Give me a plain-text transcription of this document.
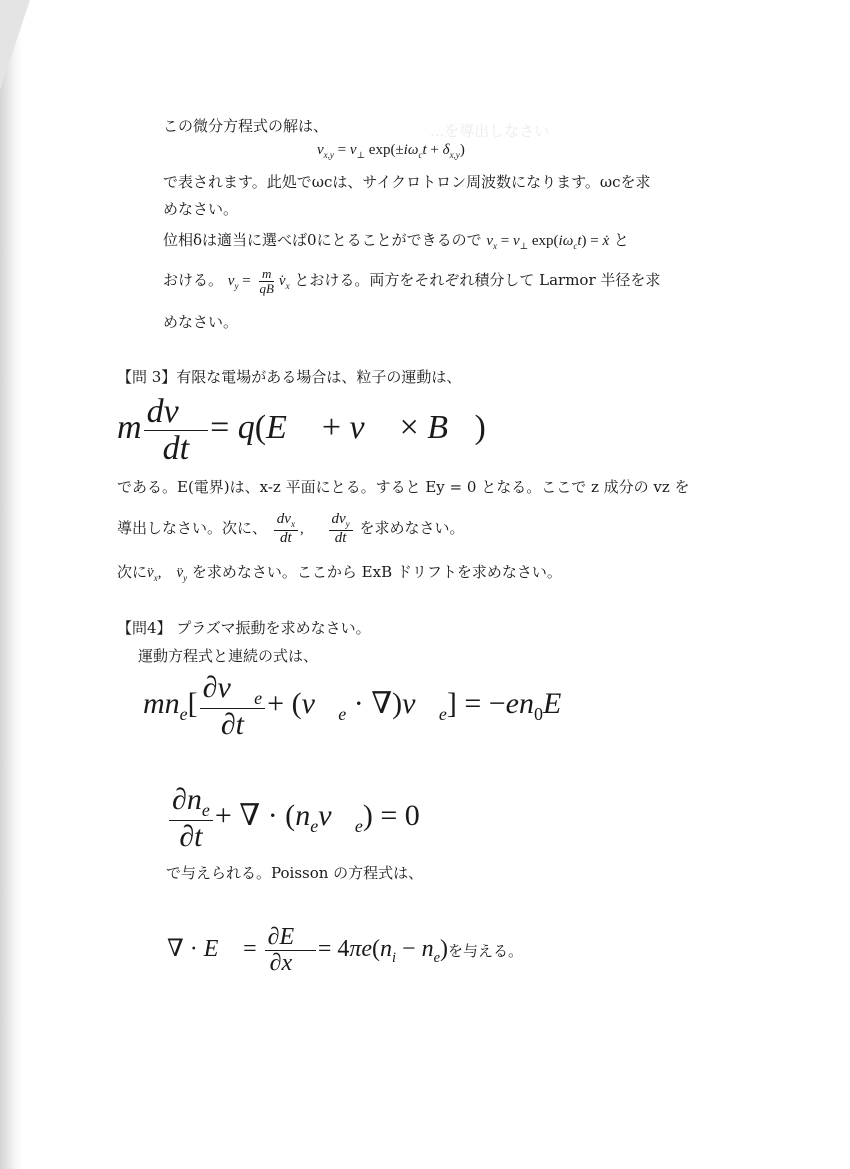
...を導出しなさい
この微分方程式の解は、
$v_{x,y} = v_\perp$ $\exp(\pm i\omega_ct + \delta_{x,y})$
で表されます。此処でωcは、サイクロトロン周波数になります。ωcを求
めなさい。
位相δは適当に選べば0にとることができるので $v_x = v_\perp$ $\exp(i\omega_ct)$ = ẋ と
おける。 $v_y = \frac{m}{qB}$ $v̇_x$ とおける。両方をそれぞれ積分して Larmor 半径を求
めなさい。
【問 3】有限な電場がある場合は、粒子の運動は、
m $\frac{dv⃗}{dt}$ = q(E⃗ + v⃗ × B⃗)
である。E(電界)は、x-z 平面にとる。すると Ey = 0 となる。ここで z 成分の vz を
導出しなさい。次に、 $\frac{dv_x}{dt}$ , $\frac{dv_y}{dt}$ を求めなさい。
次に$v̈_x$,    $v̈_y$ を求めなさい。ここから ExB ドリフトを求めなさい。
【問4】 プラズマ振動を求めなさい。
運動方程式と連続の式は、
$mn_e[ \frac{\partial v⃗_e}{\partial t}$ + ($v⃗_e$ · $\nabla)v⃗_e$] = $-en_0E⃗$
$\frac{\partial n_e}{\partial t}$ + ∇ · $(n_ev⃗_e) = 0$
で与えられる。Poisson の方程式は、
∇ · E⃗ = $\frac{\partial E⃗}{\partial x⃗} = 4\pi e(n_i - n_e)$を与える。
